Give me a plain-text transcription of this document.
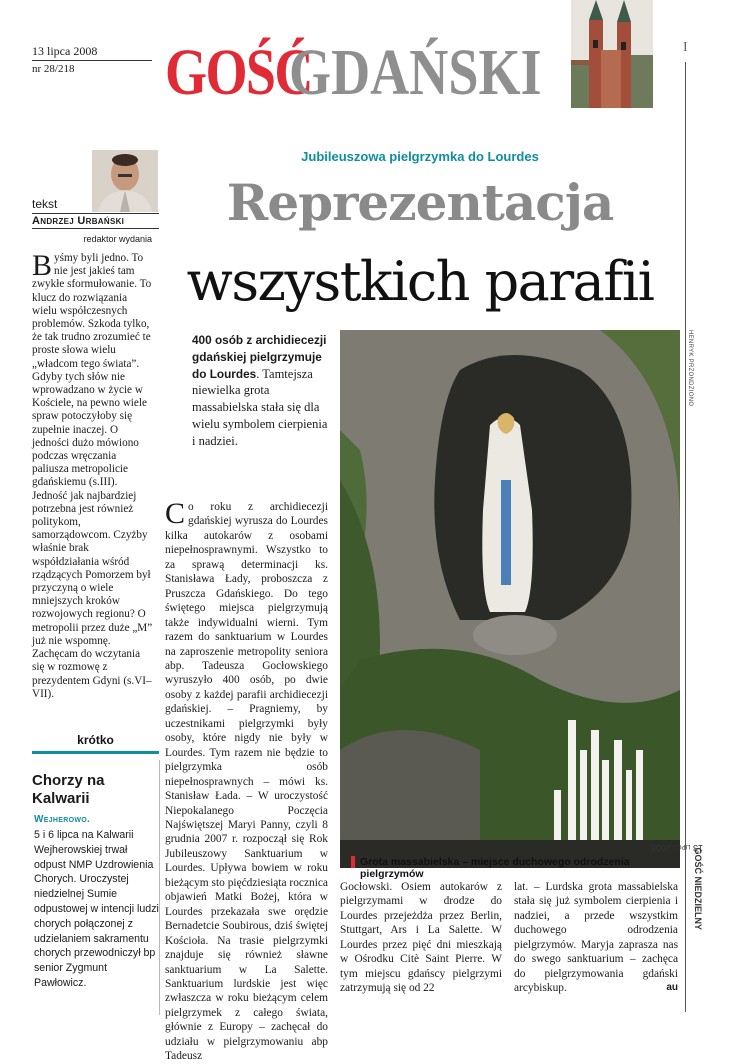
13 lipca 2008
nr 28/218 GOŚĆ
GDAŃSKI	I
tekst
Andrzej Urbański
redaktor wydania
Byśmy byli jedno. To nie jest jakieś tam zwykłe sformułowanie. To klucz do rozwiązania wielu współczesnych problemów. Szkoda tylko, że tak trudno zrozumieć te proste słowa wielu „władcom tego świata”. Gdyby tych słów nie wprowadzano w życie w Kościele, na pewno wiele spraw potoczyłoby się zupełnie inaczej. O jedności dużo mówiono podczas wręczania paliusza metropolicie gdańskiemu (s.III). Jedność jak najbardziej potrzebna jest również politykom, samorządowcom. Czyżby właśnie brak współdziałania wśród rządzących Pomorzem był przyczyną o wiele mniejszych kroków rozwojowych regionu? O metropolii przez duże „M” już nie wspomnę. Zachęcam do wczytania się w rozmowę z prezydentem Gdyni (s.VI–VII).
krótko
Chorzy na Kalwarii
Wejherowo.
5 i 6 lipca na Kalwarii Wejherowskiej trwał odpust NMP Uzdrowienia Chorych. Uroczystej niedzielnej Sumie odpustowej w intencji ludzi chorych połączonej z udzielaniem sakramentu chorych przewodniczył bp senior Zygmunt Pawłowicz.
Jubileuszowa pielgrzymka do Lourdes
Reprezentacja
wszystkich parafii
400 osób z archidiecezji gdańskiej pielgrzymuje do Lourdes. Tamtejsza niewielka grota massabielska stała się dla wielu symbolem cierpienia i nadziei.
Co roku z archidiecezji gdańskiej wyrusza do Lourdes kilka autokarów z osobami niepełnosprawnymi. Wszystko to za sprawą determinacji ks. Stanisława Łady, proboszcza z Pruszcza Gdańskiego. Do tego świętego miejsca pielgrzymują także indywidualni wierni. Tym razem do sanktuarium w Lourdes na zaproszenie metropolity seniora abp. Tadeusza Gocłowskiego wyruszyło 400 osób, po dwie osoby z każdej parafii archidiecezji gdańskiej. – Pragniemy, by uczestnikami pielgrzymki były osoby, które nigdy nie były w Lourdes. Tym razem nie będzie to pielgrzymka osób niepełnosprawnych – mówi ks. Stanisław Łada. – W uroczystość Niepokalanego Poczęcia Najświętszej Maryi Panny, czyli 8 grudnia 2007 r. rozpoczął się Rok Jubileuszowy Sanktuarium w Lourdes. Upływa bowiem w roku bieżącym sto pięćdziesiąta rocznica objawień Matki Bożej, która w Lourdes przekazała swe orędzie Bernadetcie Soubirous, dziś świętej Kościoła. Na trasie pielgrzymki znajduje się również sławne sanktuarium w La Salette. Sanktuarium lurdskie jest więc zwłaszcza w roku bieżącym celem pielgrzymek z całego świata, głównie z Europy – zachęcał do udziału w pielgrzymowaniu abp Tadeusz
Gocłowski. Osiem autokarów z pielgrzymami w drodze do Lourdes przejeżdża przez Berlin, Stuttgart, Ars i La Salette. W Lourdes przez pięć dni mieszkają w Ośrodku Citè Saint Pierre. W tym miejscu gdańscy pielgrzymi zatrzymują się od 22
lat. – Lurdska grota massabielska stała się już symbolem cierpienia i nadziei, a przede wszystkim duchowego odrodzenia pielgrzymów. Maryja zaprasza nas do swego sanktuarium – zachęca do pielgrzymowania gdański arcybiskup.	au
Grota massabielska – miejsce duchowego odrodzenia pielgrzymów
HENRYK PRZONDZIONO
13 lipca 2008
GOŚĆ NIEDZIELNY
